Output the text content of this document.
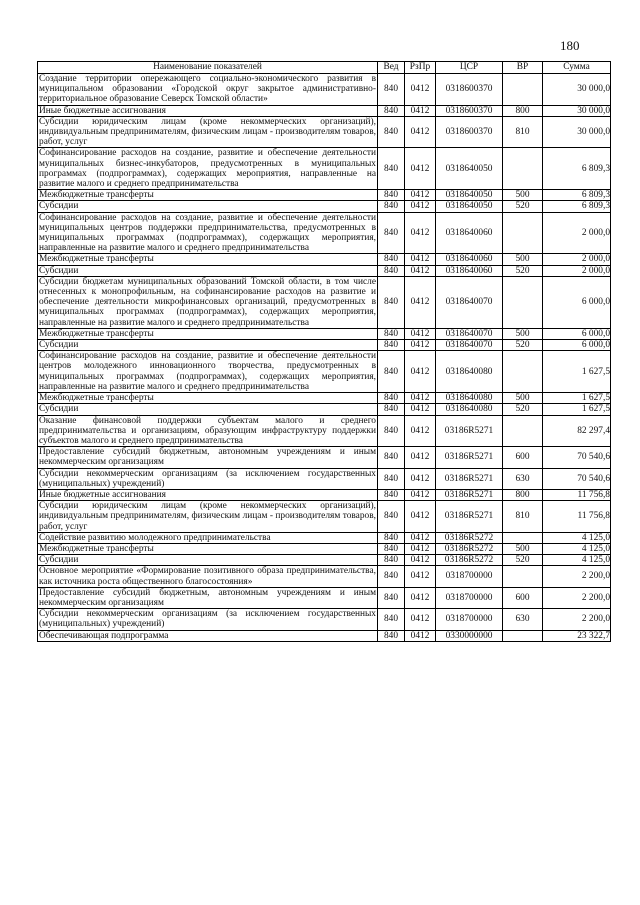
180
Наименование показателей	Вед	РзПр	ЦСР	ВР	Сумма
Создание территории опережающего социально-экономического развития в муниципальном образовании «Городской округ закрытое административно-территориальное образование Северск Томской области»	840	0412	0318600370		30 000,0
Иные бюджетные ассигнования	840	0412	0318600370	800	30 000,0
Субсидии юридическим лицам (кроме некоммерческих организаций), индивидуальным предпринимателям, физическим лицам - производителям товаров, работ, услуг	840	0412	0318600370	810	30 000,0
Софинансирование расходов на создание, развитие и обеспечение деятельности муниципальных бизнес-инкубаторов, предусмотренных в муниципальных программах (подпрограммах), содержащих мероприятия, направленные на развитие малого и среднего предпринимательства	840	0412	0318640050		6 809,3
Межбюджетные трансферты	840	0412	0318640050	500	6 809,3
Субсидии	840	0412	0318640050	520	6 809,3
Софинансирование расходов на создание, развитие и обеспечение деятельности муниципальных центров поддержки предпринимательства, предусмотренных в муниципальных программах (подпрограммах), содержащих мероприятия, направленные на развитие малого и среднего предпринимательства	840	0412	0318640060		2 000,0
Межбюджетные трансферты	840	0412	0318640060	500	2 000,0
Субсидии	840	0412	0318640060	520	2 000,0
Субсидии бюджетам муниципальных образований Томской области, в том числе отнесенных к монопрофильным, на софинансирование расходов на развитие и обеспечение деятельности микрофинансовых организаций, предусмотренных в муниципальных программах (подпрограммах), содержащих мероприятия, направленные на развитие малого и среднего предпринимательства	840	0412	0318640070		6 000,0
Межбюджетные трансферты	840	0412	0318640070	500	6 000,0
Субсидии	840	0412	0318640070	520	6 000,0
Софинансирование расходов на создание, развитие и обеспечение деятельности центров молодежного инновационного творчества, предусмотренных в муниципальных программах (подпрограммах), содержащих мероприятия, направленные на развитие малого и среднего предпринимательства	840	0412	0318640080		1 627,5
Межбюджетные трансферты	840	0412	0318640080	500	1 627,5
Субсидии	840	0412	0318640080	520	1 627,5
Оказание финансовой поддержки субъектам малого и среднего предпринимательства и организациям, образующим инфраструктуру поддержки субъектов малого и среднего предпринимательства	840	0412	03186R5271		82 297,4
Предоставление субсидий бюджетным, автономным учреждениям и иным некоммерческим организациям	840	0412	03186R5271	600	70 540,6
Субсидии некоммерческим организациям (за исключением государственных (муниципальных) учреждений)	840	0412	03186R5271	630	70 540,6
Иные бюджетные ассигнования	840	0412	03186R5271	800	11 756,8
Субсидии юридическим лицам (кроме некоммерческих организаций), индивидуальным предпринимателям, физическим лицам - производителям товаров, работ, услуг	840	0412	03186R5271	810	11 756,8
Содействие развитию молодежного предпринимательства	840	0412	03186R5272		4 125,0
Межбюджетные трансферты	840	0412	03186R5272	500	4 125,0
Субсидии	840	0412	03186R5272	520	4 125,0
Основное мероприятие «Формирование позитивного образа предпринимательства, как источника роста общественного благосостояния»	840	0412	0318700000		2 200,0
Предоставление субсидий бюджетным, автономным учреждениям и иным некоммерческим организациям	840	0412	0318700000	600	2 200,0
Субсидии некоммерческим организациям (за исключением государственных (муниципальных) учреждений)	840	0412	0318700000	630	2 200,0
Обеспечивающая подпрограмма	840	0412	0330000000		23 322,7
